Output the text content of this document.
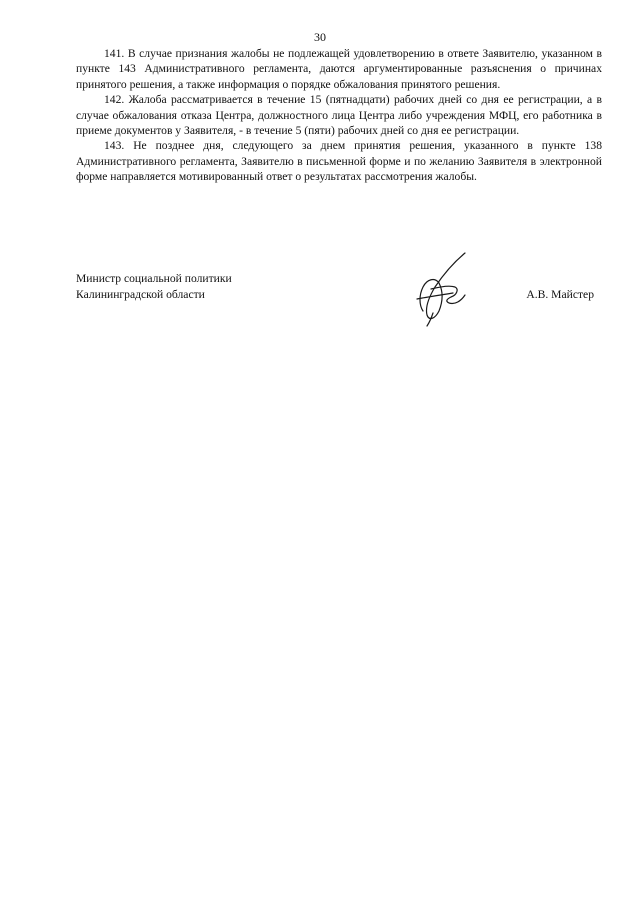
30

141. В случае признания жалобы не подлежащей удовлетворению в ответе Заявителю, указанном в пункте 143 Административного регламента, даются аргументированные разъяснения о причинах принятого решения, а также информация о порядке обжалования принятого решения.

142. Жалоба рассматривается в течение 15 (пятнадцати) рабочих дней со дня ее регистрации, а в случае обжалования отказа Центра, должностного лица Центра либо учреждения МФЦ, его работника в приеме документов у Заявителя, - в течение 5 (пяти) рабочих дней со дня ее регистрации.

143. Не позднее дня, следующего за днем принятия решения, указанного в пункте 138 Административного регламента, Заявителю в письменной форме и по желанию Заявителя в электронной форме направляется мотивированный ответ о результатах рассмотрения жалобы.

Министр социальной политики
Калининградской области	А.В. Майстер
